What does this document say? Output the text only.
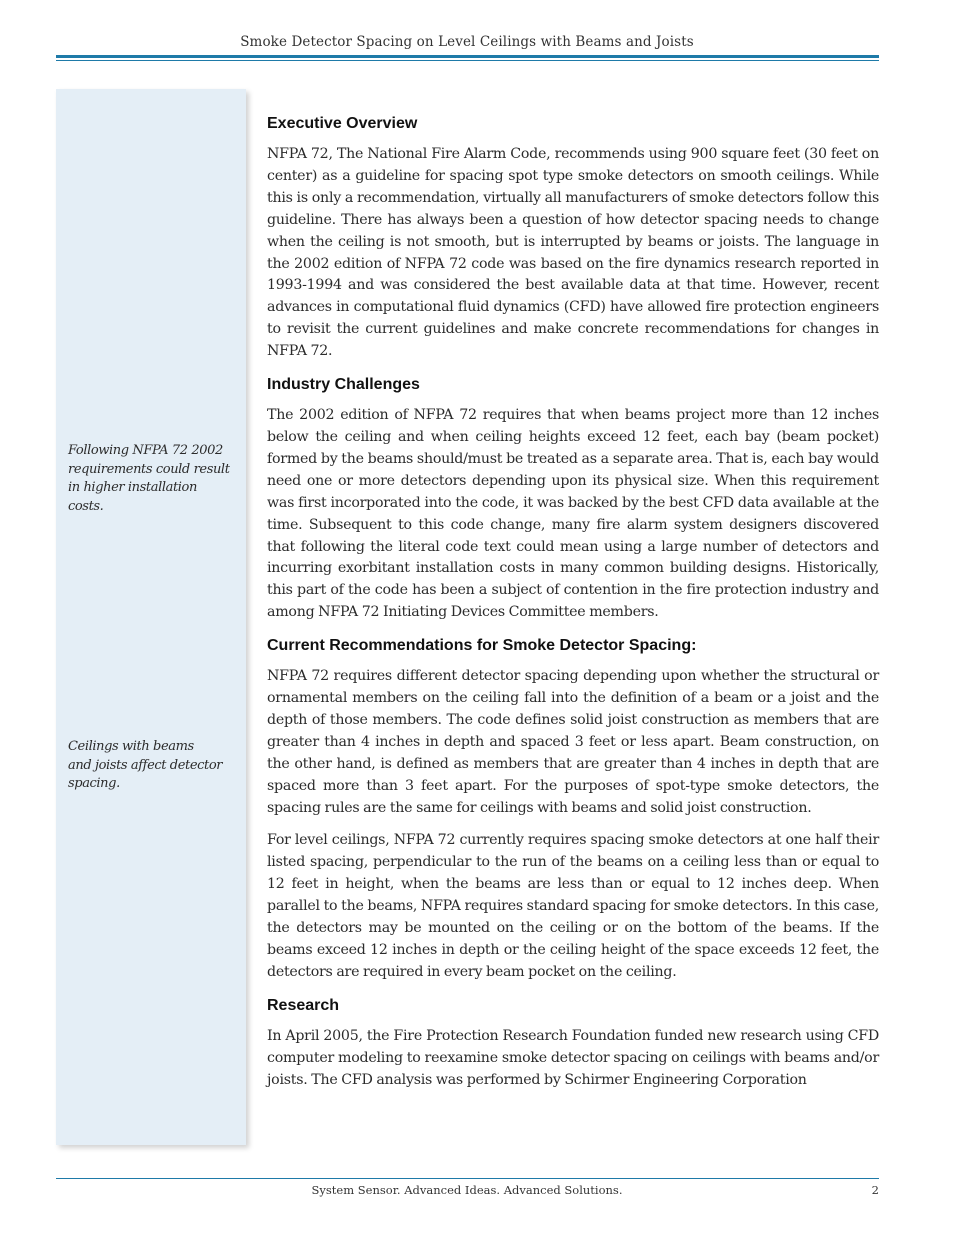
Smoke Detector Spacing on Level Ceilings with Beams and Joists
Following NFPA 72 2002
requirements could result
in higher installation costs.
Ceilings with beams
and joists affect detector
spacing.
Executive Overview

NFPA 72, The National Fire Alarm Code, recommends using 900 square feet (30 feet on center) as a guideline for spacing spot type smoke detectors on smooth ceilings. While this is only a recommendation, virtually all manufacturers of smoke detectors follow this guideline. There has always been a question of how detector spacing needs to change when the ceiling is not smooth, but is interrupted by beams or joists. The language in the 2002 edition of NFPA 72 code was based on the fire dynamics research reported in 1993-1994 and was considered the best available data at that time. However, recent advances in computational fluid dynamics (CFD) have allowed fire protection engineers to revisit the current guidelines and make concrete recommendations for changes in NFPA 72.

Industry Challenges

The 2002 edition of NFPA 72 requires that when beams project more than 12 inches below the ceiling and when ceiling heights exceed 12 feet, each bay (beam pocket) formed by the beams should/must be treated as a separate area. That is, each bay would need one or more detectors depending upon its physical size. When this requirement was first incorporated into the code, it was backed by the best CFD data available at the time. Subsequent to this code change, many fire alarm system designers discovered that following the literal code text could mean using a large number of detectors and incurring exorbitant installation costs in many common building designs. Historically, this part of the code has been a subject of contention in the fire protection industry and among NFPA 72 Initiating Devices Committee members.

Current Recommendations for Smoke Detector Spacing:

NFPA 72 requires different detector spacing depending upon whether the structural or ornamental members on the ceiling fall into the definition of a beam or a joist and the depth of those members. The code defines solid joist construction as members that are greater than 4 inches in depth and spaced 3 feet or less apart. Beam construction, on the other hand, is defined as members that are greater than 4 inches in depth that are spaced more than 3 feet apart. For the purposes of spot-type smoke detectors, the spacing rules are the same for ceilings with beams and solid joist construction.

For level ceilings, NFPA 72 currently requires spacing smoke detectors at one half their listed spacing, perpendicular to the run of the beams on a ceiling less than or equal to 12 feet in height, when the beams are less than or equal to 12 inches deep. When parallel to the beams, NFPA requires standard spacing for smoke detectors. In this case, the detectors may be mounted on the ceiling or on the bottom of the beams. If the beams exceed 12 inches in depth or the ceiling height of the space exceeds 12 feet, the detectors are required in every beam pocket on the ceiling.

Research

In April 2005, the Fire Protection Research Foundation funded new research using CFD computer modeling to reexamine smoke detector spacing on ceilings with beams and/or joists. The CFD analysis was performed by Schirmer Engineering Corporation

System Sensor. Advanced Ideas. Advanced Solutions.	2
